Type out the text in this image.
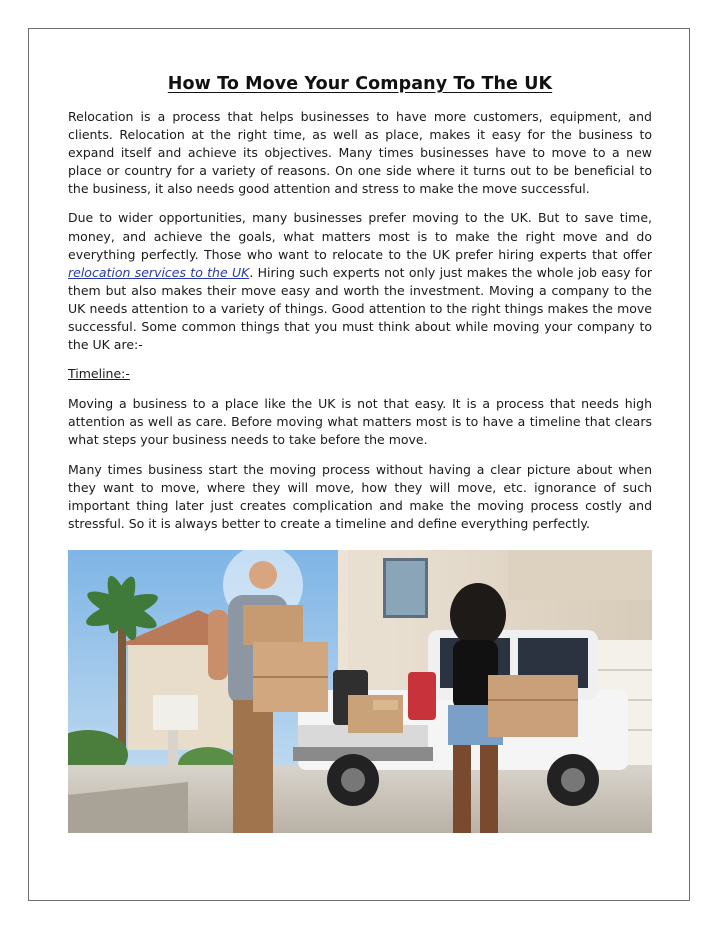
How To Move Your Company To The UK

Relocation is a process that helps businesses to have more customers, equipment, and clients. Relocation at the right time, as well as place, makes it easy for the business to expand itself and achieve its objectives. Many times businesses have to move to a new place or country for a variety of reasons. On one side where it turns out to be beneficial to the business, it also needs good attention and stress to make the move successful.

Due to wider opportunities, many businesses prefer moving to the UK. But to save time, money, and achieve the goals, what matters most is to make the right move and do everything perfectly. Those who want to relocate to the UK prefer hiring experts that offer relocation services to the UK. Hiring such experts not only just makes the whole job easy for them but also makes their move easy and worth the investment. Moving a company to the UK needs attention to a variety of things. Good attention to the right things makes the move successful. Some common things that you must think about while moving your company to the UK are:-

Timeline:-

Moving a business to a place like the UK is not that easy. It is a process that needs high attention as well as care. Before moving what matters most is to have a timeline that clears what steps your business needs to take before the move.

Many times business start the moving process without having a clear picture about when they want to move, where they will move, how they will move, etc. ignorance of such important thing later just creates complication and make the moving process costly and stressful. So it is always better to create a timeline and define everything perfectly.
